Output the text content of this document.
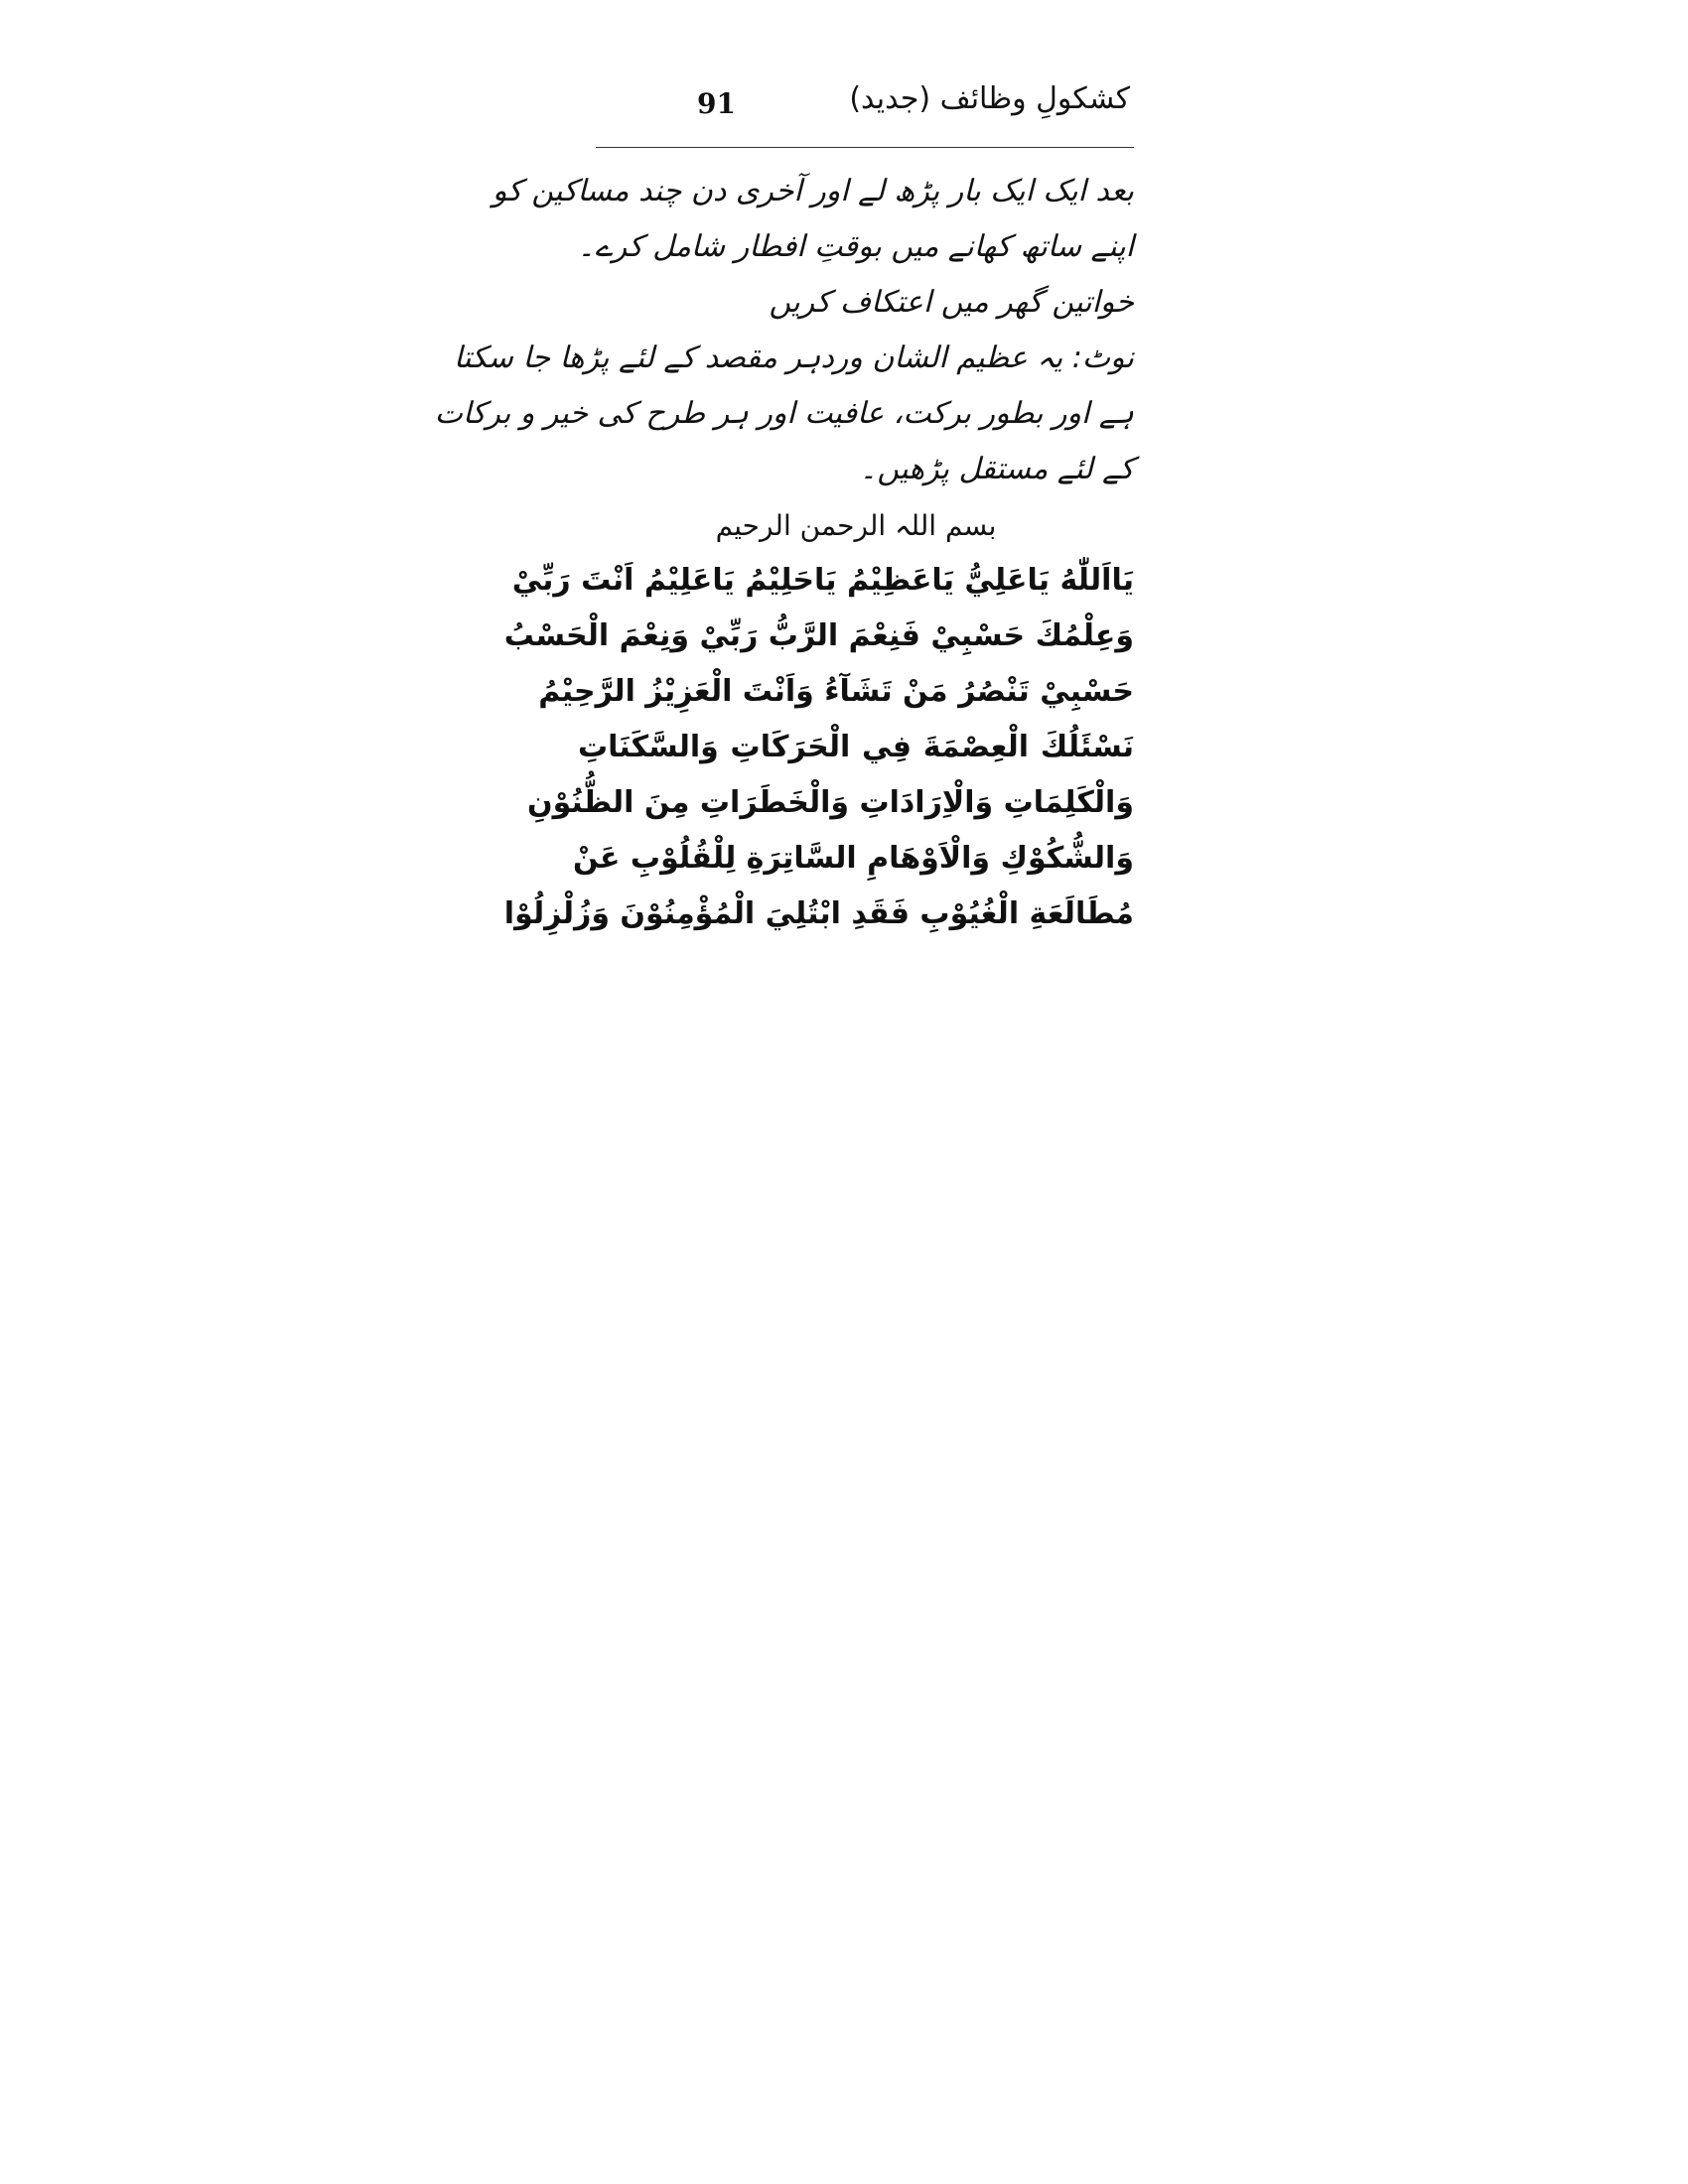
91	کشکولِ وظائف (جدید)
بعد ایک ایک بار پڑھ لے اور آخری دن چند مساکین کو
اپنے ساتھ کھانے میں بوقتِ افطار شامل کرے۔
خواتین گھر میں اعتکاف کریں
نوٹ: یہ عظیم الشان وردہر مقصد کے لئے پڑھا جا سکتا
ہے اور بطور برکت، عافیت اور ہر طرح کی خیر و برکات
کے لئے مستقل پڑھیں۔
بسم اللہ الرحمن الرحیم
يَااَللّٰهُ يَاعَلِيُّ يَاعَظِيْمُ يَاحَلِيْمُ يَاعَلِيْمُ اَنْتَ رَبِّيْ
وَعِلْمُكَ حَسْبِيْ فَنِعْمَ الرَّبُّ رَبِّيْ وَنِعْمَ الْحَسْبُ
حَسْبِيْ تَنْصُرُ مَنْ تَشَآءُ وَاَنْتَ الْعَزِيْزُ الرَّحِيْمُ
نَسْئَلُكَ الْعِصْمَةَ فِي الْحَرَكَاتِ وَالسَّكَنَاتِ
وَالْكَلِمَاتِ وَالْاِرَادَاتِ وَالْخَطَرَاتِ مِنَ الظُّنُوْنِ
وَالشُّكُوْكِ وَالْاَوْهَامِ السَّاتِرَةِ لِلْقُلُوْبِ عَنْ
مُطَالَعَةِ الْغُيُوْبِ فَقَدِ ابْتُلِيَ الْمُؤْمِنُوْنَ وَزُلْزِلُوْا
